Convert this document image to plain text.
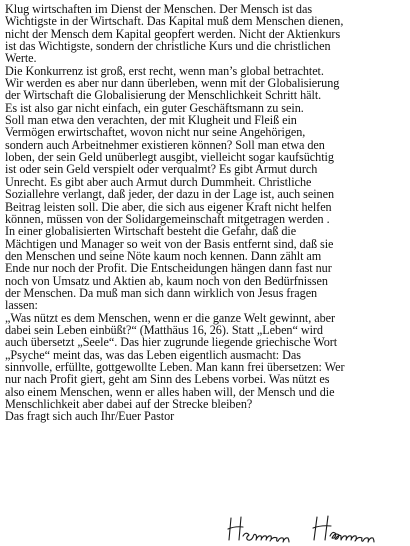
Klug wirtschaften im Dienst der Menschen. Der Mensch ist das
Wichtigste in der Wirtschaft. Das Kapital muß dem Menschen dienen,
nicht der Mensch dem Kapital geopfert werden. Nicht der Aktienkurs
ist das Wichtigste, sondern der christliche Kurs und die christlichen
Werte.
Die Konkurrenz ist groß, erst recht, wenn man’s global betrachtet.
Wir werden es aber nur dann überleben, wenn mit der Globalisierung
der Wirtschaft die Globalisierung der Menschlichkeit Schritt hält.
Es ist also gar nicht einfach, ein guter Geschäftsmann zu sein.
Soll man etwa den verachten, der mit Klugheit und Fleiß ein
Vermögen erwirtschaftet, wovon nicht nur seine Angehörigen,
sondern auch Arbeitnehmer existieren können? Soll man etwa den
loben, der sein Geld unüberlegt ausgibt, vielleicht sogar kaufsüchtig
ist oder sein Geld verspielt oder verqualmt? Es gibt Armut durch
Unrecht. Es gibt aber auch Armut durch Dummheit. Christliche
Soziallehre verlangt, daß jeder, der dazu in der Lage ist, auch seinen
Beitrag leisten soll. Die aber, die sich aus eigener Kraft nicht helfen
können, müssen von der Solidargemeinschaft mitgetragen werden .
In einer globalisierten Wirtschaft besteht die Gefahr, daß die
Mächtigen und Manager so weit von der Basis entfernt sind, daß sie
den Menschen und seine Nöte kaum noch kennen. Dann zählt am
Ende nur noch der Profit. Die Entscheidungen hängen dann fast nur
noch von Umsatz und Aktien ab, kaum noch von den Bedürfnissen
der Menschen. Da muß man sich dann wirklich von Jesus fragen
lassen:
„Was nützt es dem Menschen, wenn er die ganze Welt gewinnt, aber
dabei sein Leben einbüßt?“ (Matthäus 16, 26). Statt „Leben“ wird
auch übersetzt „Seele“. Das hier zugrunde liegende griechische Wort
„Psyche“ meint das, was das Leben eigentlich ausmacht: Das
sinnvolle, erfüllte, gottgewollte Leben. Man kann frei übersetzen: Wer
nur nach Profit giert, geht am Sinn des Lebens vorbei. Was nützt es
also einem Menschen, wenn er alles haben will, der Mensch und die
Menschlichkeit aber dabei auf der Strecke bleiben?
Das fragt sich auch Ihr/Euer Pastor
